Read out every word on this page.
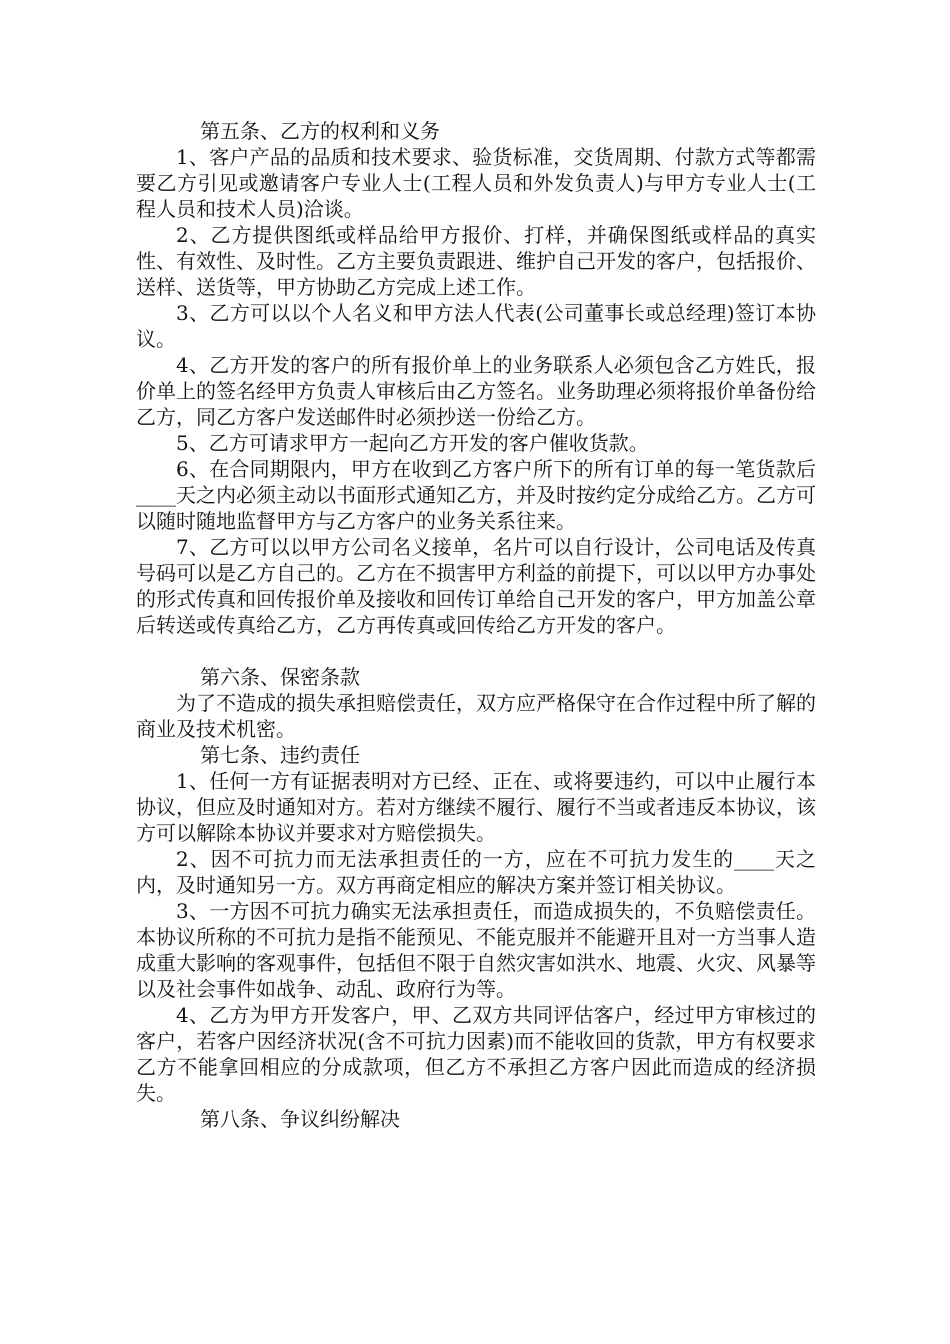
第五条、乙方的权利和义务

1、客户产品的品质和技术要求、验货标准，交货周期、付款方式等都需要乙方引见或邀请客户专业人士(工程人员和外发负责人)与甲方专业人士(工程人员和技术人员)洽谈。

2、乙方提供图纸或样品给甲方报价、打样，并确保图纸或样品的真实性、有效性、及时性。乙方主要负责跟进、维护自己开发的客户，包括报价、送样、送货等，甲方协助乙方完成上述工作。

3、乙方可以以个人名义和甲方法人代表(公司董事长或总经理)签订本协议。

4、乙方开发的客户的所有报价单上的业务联系人必须包含乙方姓氏，报价单上的签名经甲方负责人审核后由乙方签名。业务助理必须将报价单备份给乙方，同乙方客户发送邮件时必须抄送一份给乙方。

5、乙方可请求甲方一起向乙方开发的客户催收货款。

6、在合同期限内，甲方在收到乙方客户所下的所有订单的每一笔货款后____天之内必须主动以书面形式通知乙方，并及时按约定分成给乙方。乙方可以随时随地监督甲方与乙方客户的业务关系往来。

7、乙方可以以甲方公司名义接单，名片可以自行设计，公司电话及传真号码可以是乙方自己的。乙方在不损害甲方利益的前提下，可以以甲方办事处的形式传真和回传报价单及接收和回传订单给自己开发的客户，甲方加盖公章后转送或传真给乙方，乙方再传真或回传给乙方开发的客户。

第六条、保密条款

为了不造成的损失承担赔偿责任，双方应严格保守在合作过程中所了解的商业及技术机密。

第七条、违约责任

1、任何一方有证据表明对方已经、正在、或将要违约，可以中止履行本协议，但应及时通知对方。若对方继续不履行、履行不当或者违反本协议，该方可以解除本协议并要求对方赔偿损失。

2、因不可抗力而无法承担责任的一方，应在不可抗力发生的____天之内，及时通知另一方。双方再商定相应的解决方案并签订相关协议。

3、一方因不可抗力确实无法承担责任，而造成损失的，不负赔偿责任。本协议所称的不可抗力是指不能预见、不能克服并不能避开且对一方当事人造成重大影响的客观事件，包括但不限于自然灾害如洪水、地震、火灾、风暴等以及社会事件如战争、动乱、政府行为等。

4、乙方为甲方开发客户，甲、乙双方共同评估客户，经过甲方审核过的客户，若客户因经济状况(含不可抗力因素)而不能收回的货款，甲方有权要求乙方不能拿回相应的分成款项，但乙方不承担乙方客户因此而造成的经济损失。

第八条、争议纠纷解决
